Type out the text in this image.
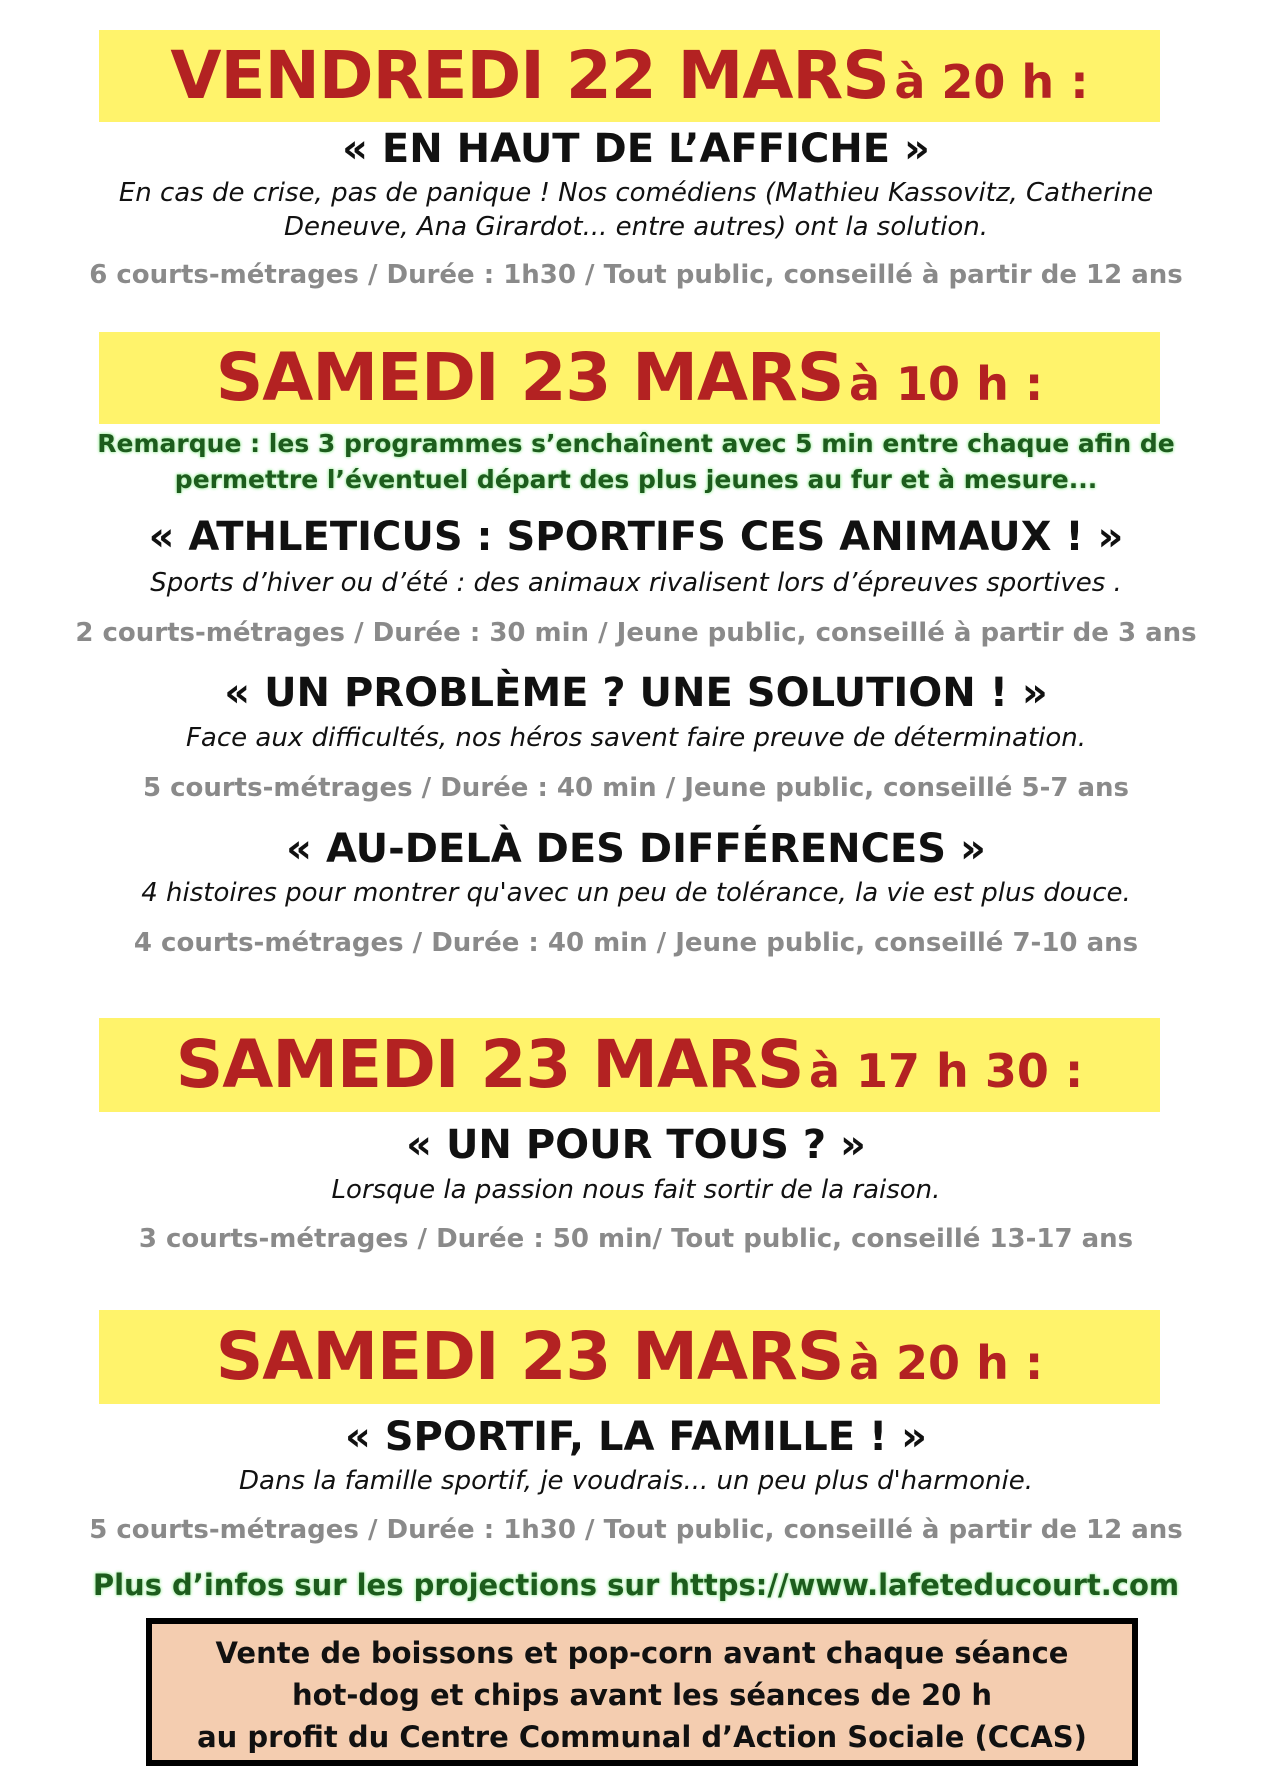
VENDREDI 22 MARS à 20 h :
« EN HAUT DE L’AFFICHE »
En cas de crise, pas de panique ! Nos comédiens (Mathieu Kassovitz, Catherine
Deneuve, Ana Girardot... entre autres) ont la solution.
6 courts-métrages / Durée : 1h30 / Tout public, conseillé à partir de 12 ans
SAMEDI 23 MARS à 10 h :
Remarque : les 3 programmes s’enchaînent avec 5 min entre chaque afin de
permettre l’éventuel départ des plus jeunes au fur et à mesure...
« ATHLETICUS : SPORTIFS CES ANIMAUX ! »
Sports d’hiver ou d’été : des animaux rivalisent lors d’épreuves sportives .
2 courts-métrages / Durée : 30 min / Jeune public, conseillé à partir de 3 ans
« UN PROBLÈME ? UNE SOLUTION ! »
Face aux difficultés, nos héros savent faire preuve de détermination.
5 courts-métrages / Durée : 40 min / Jeune public, conseillé 5-7 ans
« AU-DELÀ DES DIFFÉRENCES »
4 histoires pour montrer qu'avec un peu de tolérance, la vie est plus douce.
4 courts-métrages / Durée : 40 min / Jeune public, conseillé 7-10 ans
SAMEDI 23 MARS à 17 h 30 :
« UN POUR TOUS ? »
Lorsque la passion nous fait sortir de la raison.
3 courts-métrages / Durée : 50 min/ Tout public, conseillé 13-17 ans
SAMEDI 23 MARS à 20 h :
« SPORTIF, LA FAMILLE ! »
Dans la famille sportif, je voudrais... un peu plus d'harmonie.
5 courts-métrages / Durée : 1h30 / Tout public, conseillé à partir de 12 ans
Plus d’infos sur les projections sur https://www.lafeteducourt.com
Vente de boissons et pop-corn avant chaque séance
hot-dog et chips avant les séances de 20 h
au profit du Centre Communal d’Action Sociale (CCAS)
